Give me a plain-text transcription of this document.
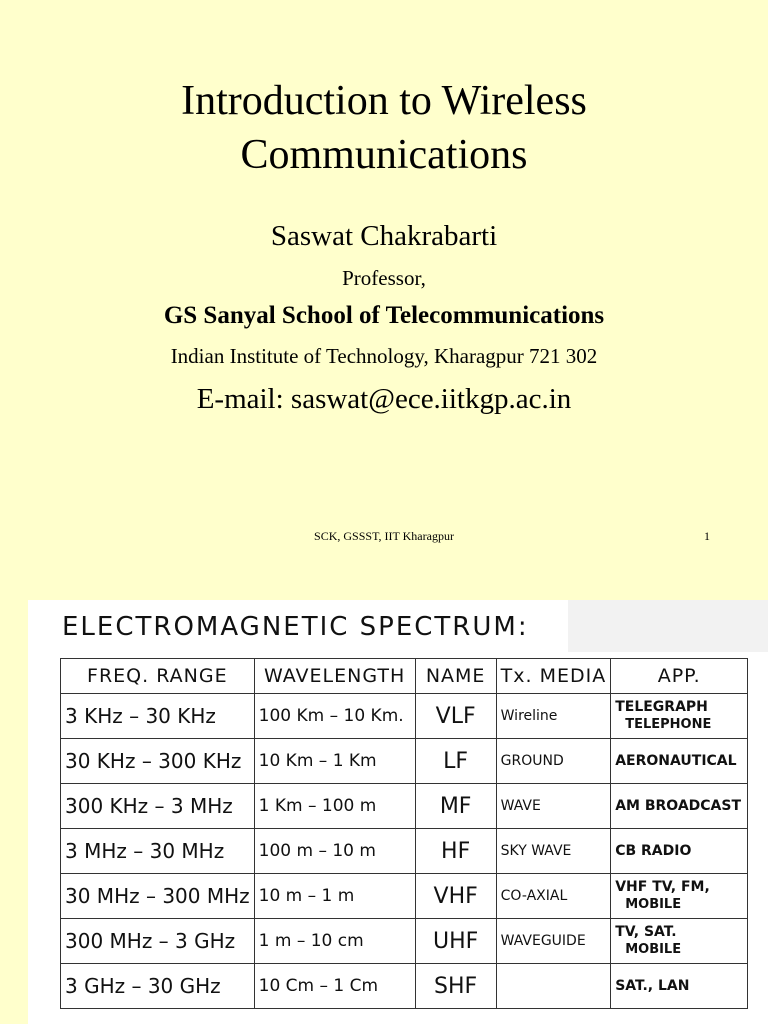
Introduction to Wireless
Communications
Saswat Chakrabarti
Professor,
GS Sanyal School of Telecommunications
Indian Institute of Technology, Kharagpur 721 302
E-mail: saswat@ece.iitkgp.ac.in
SCK, GSSST, IIT Kharagpur	1
ELECTROMAGNETIC SPECTRUM:
FREQ. RANGE	WAVELENGTH	NAME	Tx. MEDIA	APP.
3 KHz – 30 KHz	100 Km – 10 Km.	VLF	Wireline	TELEGRAPH
TELEPHONE

30 KHz – 300 KHz	10 Km – 1 Km	LF	GROUND	AERONAUTICAL

300 KHz – 3 MHz	1 Km – 100 m	MF	WAVE	AM BROADCAST

3 MHz – 30 MHz	100 m – 10 m	HF	SKY WAVE	CB RADIO

30 MHz – 300 MHz	10 m – 1 m	VHF	CO-AXIAL	VHF TV, FM,
MOBILE

300 MHz – 3 GHz	1 m – 10 cm	UHF	WAVEGUIDE	TV, SAT.
MOBILE

3 GHz – 30 GHz	10 Cm – 1 Cm	SHF		SAT., LAN
